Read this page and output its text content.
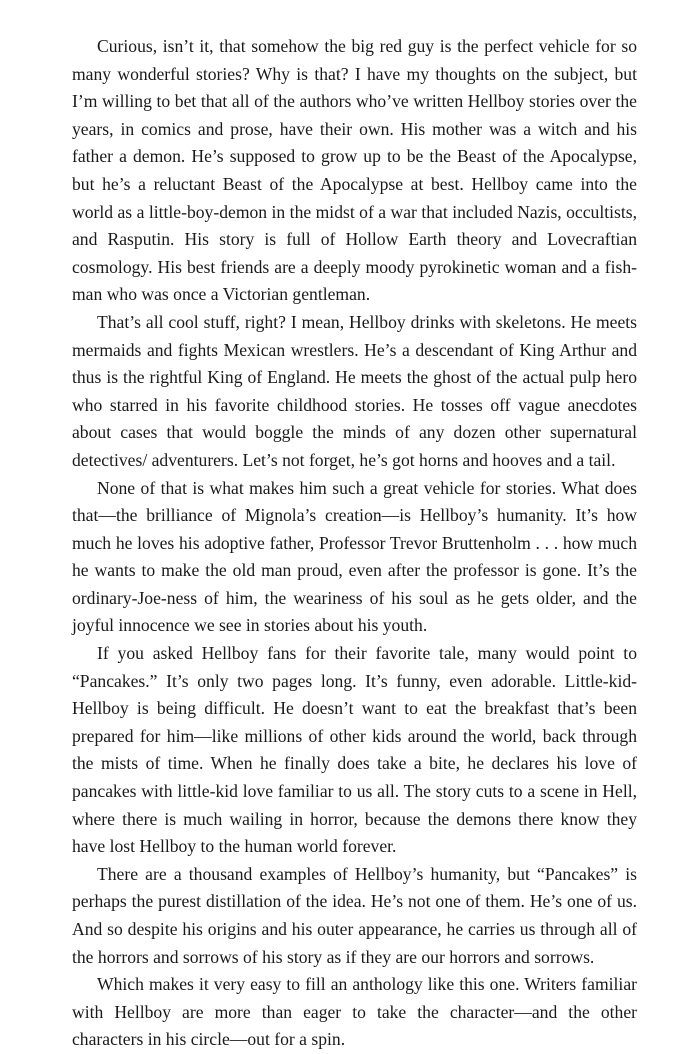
Curious, isn’t it, that somehow the big red guy is the perfect vehicle for so many wonderful stories? Why is that? I have my thoughts on the subject, but I’m willing to bet that all of the authors who’ve written Hellboy stories over the years, in comics and prose, have their own. His mother was a witch and his father a demon. He’s supposed to grow up to be the Beast of the Apocalypse, but he’s a reluctant Beast of the Apocalypse at best. Hellboy came into the world as a little-boy-demon in the midst of a war that included Nazis, occultists, and Rasputin. His story is full of Hollow Earth theory and Lovecraftian cosmology. His best friends are a deeply moody pyrokinetic woman and a fish-man who was once a Victorian gentleman.

That’s all cool stuff, right? I mean, Hellboy drinks with skeletons. He meets mermaids and fights Mexican wrestlers. He’s a descendant of King Arthur and thus is the rightful King of England. He meets the ghost of the actual pulp hero who starred in his favorite childhood stories. He tosses off vague anecdotes about cases that would boggle the minds of any dozen other supernatural detectives/ adventurers. Let’s not forget, he’s got horns and hooves and a tail.

None of that is what makes him such a great vehicle for stories. What does that—the brilliance of Mignola’s creation—is Hellboy’s humanity. It’s how much he loves his adoptive father, Professor Trevor Bruttenholm . . . how much he wants to make the old man proud, even after the professor is gone. It’s the ordinary-Joe-ness of him, the weariness of his soul as he gets older, and the joyful innocence we see in stories about his youth.

If you asked Hellboy fans for their favorite tale, many would point to “Pancakes.” It’s only two pages long. It’s funny, even adorable. Little-kid-Hellboy is being difficult. He doesn’t want to eat the breakfast that’s been prepared for him—like millions of other kids around the world, back through the mists of time. When he finally does take a bite, he declares his love of pancakes with little-kid love familiar to us all. The story cuts to a scene in Hell, where there is much wailing in horror, because the demons there know they have lost Hellboy to the human world forever.

There are a thousand examples of Hellboy’s humanity, but “Pancakes” is perhaps the purest distillation of the idea. He’s not one of them. He’s one of us. And so despite his origins and his outer appearance, he carries us through all of the horrors and sorrows of his story as if they are our horrors and sorrows.

Which makes it very easy to fill an anthology like this one. Writers familiar with Hellboy are more than eager to take the character—and the other characters in his circle—out for a spin.
